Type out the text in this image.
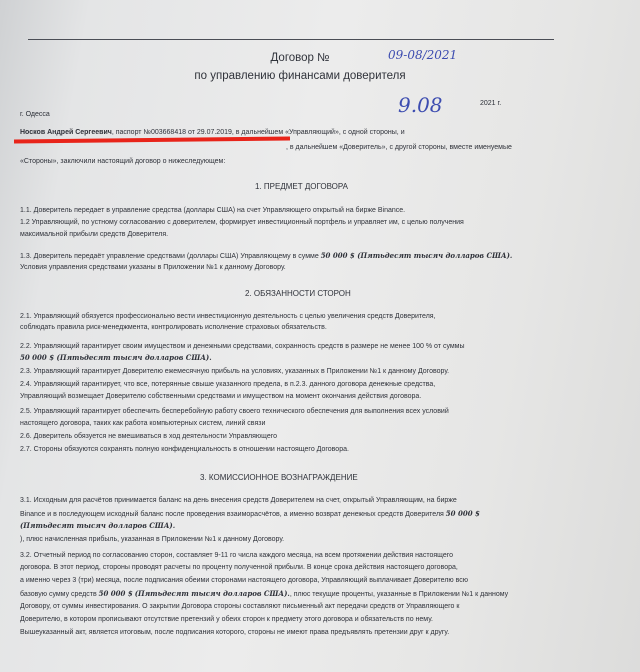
Договор №	09-08/2021
по управлению финансами доверителя
9.08	2021 г.
г. Одесса
Носков Андрей Сергеевич, паспорт №003668418 от 29.07.2019, в дальнейшем «Управляющий», с одной стороны, и
, в дальнейшем «Доверитель», с другой стороны, вместе именуемые
«Стороны», заключили настоящий договор о нижеследующем:
1. ПРЕДМЕТ ДОГОВОРА
1.1. Доверитель передает в управление средства (доллары США) на счет Управляющего открытый на бирже Binance.
1.2 Управляющий, по устному согласованию с доверителем, формирует инвестиционный портфель и управляет им, с целью получения
максимальной прибыли средств Доверителя.
1.3. Доверитель передаёт управление средствами (доллары США) Управляющему в сумме 50 000 $ (Пятьдесят тысяч долларов США).
Условия управления средствами указаны в Приложении №1 к данному Договору.
2. ОБЯЗАННОСТИ СТОРОН
2.1. Управляющий обязуется профессионально вести инвестиционную деятельность с целью увеличения средств Доверителя,
соблюдать правила риск-менеджмента, контролировать исполнение страховых обязательств.
2.2. Управляющий гарантирует своим имуществом и денежными средствами, сохранность средств в размере не менее 100 % от суммы
50 000 $ (Пятьдесят тысяч долларов США).
2.3. Управляющий гарантирует Доверителю ежемесячную прибыль на условиях, указанных в Приложении №1 к данному Договору.
2.4. Управляющий гарантирует, что все, потерянные свыше указанного предела, в п.2.3. данного договора денежные средства,
Управляющий возмещает Доверителю собственными средствами и имуществом на момент окончания действия договора.
2.5. Управляющий гарантирует обеспечить бесперебойную работу своего технического обеспечения для выполнения всех условий
настоящего договора, таких как работа компьютерных систем, линий связи
2.6. Доверитель обязуется не вмешиваться в ход деятельности Управляющего
2.7. Стороны обязуются сохранять полную конфиденциальность в отношении настоящего Договора.
3. КОМИССИОННОЕ ВОЗНАГРАЖДЕНИЕ
3.1. Исходным для расчётов принимается баланс на день внесения средств Доверителем на счет, открытый Управляющим, на бирже
Binance и в последующем исходный баланс после проведения взаиморасчётов, а именно возврат денежных средств Доверителя 50 000 $
(Пятьдесят тысяч долларов США).
), плюс начисленная прибыль, указанная в Приложении №1 к данному Договору.
3.2. Отчетный период по согласованию сторон, составляет 9-11 го числа каждого месяца, на всем протяжении действия настоящего
договора. В этот период, стороны проводят расчеты по проценту полученной прибыли. В конце срока действия настоящего договора,
а именно через 3 (три) месяца, после подписания обеими сторонами настоящего договора, Управляющий выплачивает Доверителю всю
базовую сумму средств 50 000 $ (Пятьдесят тысяч долларов США)., плюс текущие проценты, указанные в Приложении №1 к данному
Договору, от суммы инвестирования. О закрытии Договора стороны составляют письменный акт передачи средств от Управляющего к
Доверителю, в котором прописывают отсутствие претензий у обеих сторон к предмету этого договора и обязательств по нему.
Вышеуказанный акт, является итоговым, после подписания которого, стороны не имеют права предъявлять претензии друг к другу.
